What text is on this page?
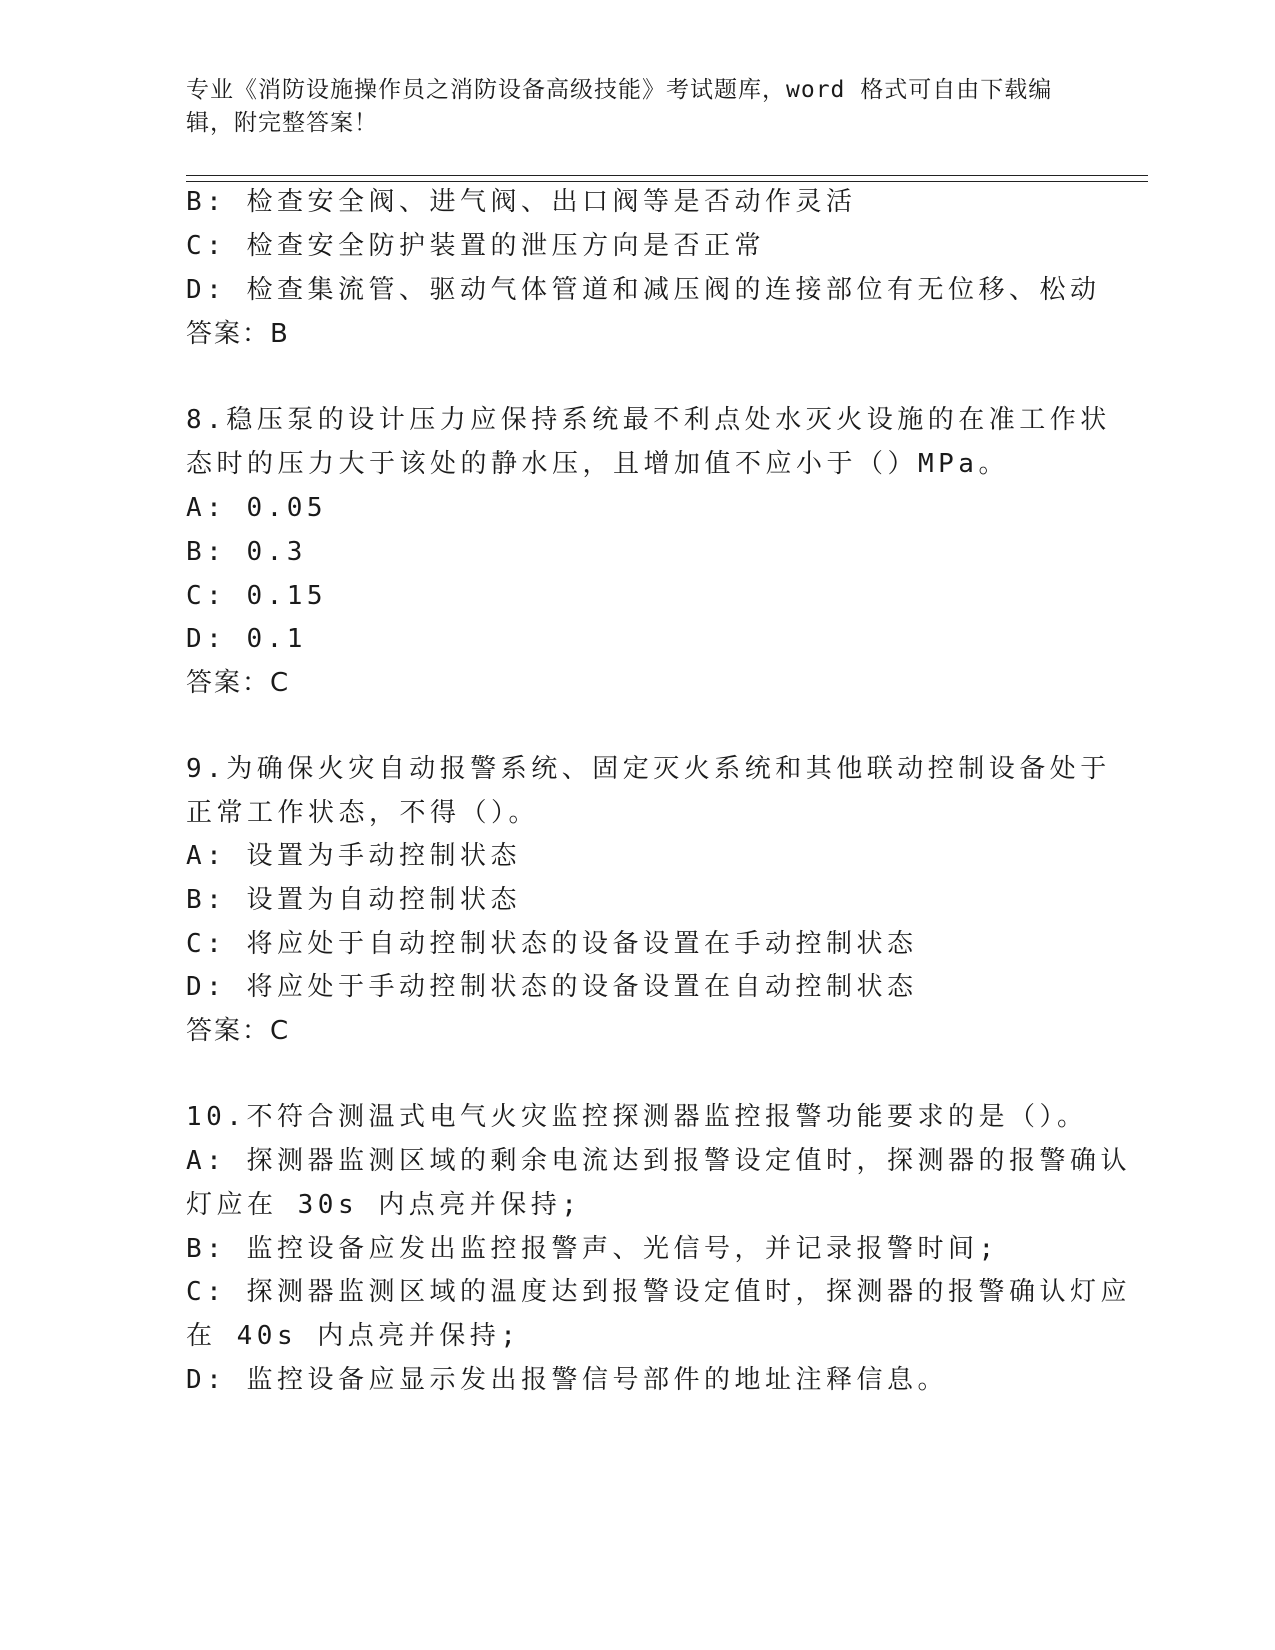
专业《消防设施操作员之消防设备高级技能》考试题库，word 格式可自由下载编
辑，附完整答案！
B: 检查安全阀、进气阀、出口阀等是否动作灵活
C: 检查安全防护装置的泄压方向是否正常
D: 检查集流管、驱动气体管道和减压阀的连接部位有无位移、松动
答案：B
8.稳压泵的设计压力应保持系统最不利点处水灭火设施的在准工作状
态时的压力大于该处的静水压，且增加值不应小于（）MPa。
A: 0.05
B: 0.3
C: 0.15
D: 0.1
答案：C
9.为确保火灾自动报警系统、固定灭火系统和其他联动控制设备处于
正常工作状态，不得（）。
A: 设置为手动控制状态
B: 设置为自动控制状态
C: 将应处于自动控制状态的设备设置在手动控制状态
D: 将应处于手动控制状态的设备设置在自动控制状态
答案：C
10.不符合测温式电气火灾监控探测器监控报警功能要求的是（）。
A: 探测器监测区域的剩余电流达到报警设定值时，探测器的报警确认
灯应在 30s 内点亮并保持;
B: 监控设备应发出监控报警声、光信号，并记录报警时间;
C: 探测器监测区域的温度达到报警设定值时，探测器的报警确认灯应
在 40s 内点亮并保持;
D: 监控设备应显示发出报警信号部件的地址注释信息。
